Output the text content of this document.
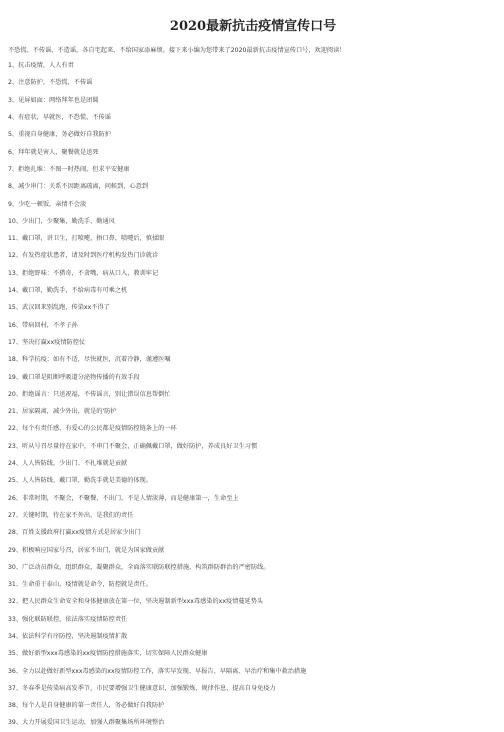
2020最新抗击疫情宣传口号

不恐慌、不传谣、不造谣，各自宅起来，不给国家添麻烦。接下来小编为您带来了2020最新抗击疫情宣传口号，欢迎阅读！

1、抗击疫情，人人有责
2、注意防护，不恐慌，不传谣
3、见屏如面：网络拜年也是团圆
4、有症状，早就医，不恐慌，不传谣
5、重视自身健康，务必做好自我防护
6、拜年就是害人，聚餐就是送死
7、拒绝扎堆：不图一时热闹，但求平安健康
8、减少串门：关系不因距离疏离，问候到，心意到
9、少吃一顿饭，亲情不会淡
10、少出门，少聚集，勤洗手，勤通风
11、戴口罩，讲卫生，打喷嚏，捂口鼻，喷嚏后，慎揉眼
12、有发热症状患者，请及时到医疗机构发热门诊就诊
13、拒绝野味：不猎奇，不贪嘴，病从口入，教训牢记
14、戴口罩，勤洗手，不给病毒有可乘之机
15、武汉回来别乱跑，传染xx不得了
16、带病回村，不孝子孙
17、坚决打赢xx疫情防控仗
18、科学抗疫：如有不适，尽快就医，沉着冷静，谨遵医嘱
19、戴口罩是阻断呼吸道分泌物传播的有效手段
20、拒绝谣言：只送祝福，不传谣言，别让错误信息帮倒忙
21、居家隔离，减少外出，就是的'防护
22、每个有责任感、有爱心的公民都是疫情防控链条上的一环
23、听从号召尽量待在家中，不串门不聚会，正确佩戴口罩，做好防护，养成良好卫生习惯
24、人人皆防线，少出门、不扎堆就是贡献
25、人人皆防线，戴口罩，勤洗手就是美德的体现。
26、非常时期，不聚会，不聚餐，不出门，不是人情淡薄，而是健康第一，生命至上
27、关键时期，待在家不外出，是我们的责任
28、百姓支援政府打赢xx疫情方式是居家少出门
29、积极响应国家号召，居家不出门，就是为国家做贡献
30、广泛动员群众，组织群众，凝聚群众，全面落实联防联控措施，构筑群防群治的严密防线。
31、生命重于泰山，疫情就是命令，防控就是责任。
32、把人民群众生命安全和身体健康放在第一位，坚决遏制新型xxx毒感染的xx疫情蔓延势头
33、强化联防联控，依法落实疫情防控责任
34、依法科学有序防控，坚决遏制疫情扩散
35、做好新型xxx毒感染的xx疫情防控措施落实，切实保障人民群众健康
36、全力以赴做好新型xxx毒感染的xx疫情防控工作，落实早发现、早报告、早隔离、早治疗和集中救治措施
37、冬春季是传染病高发季节，市民要增强卫生健康意识，加强锻炼，规律作息，提高自身免疫力
38、每个人是自身健康的第一责任人，务必做好自我防护
39、大力开展爱国卫生运动，加强人群聚集场所环境整治
